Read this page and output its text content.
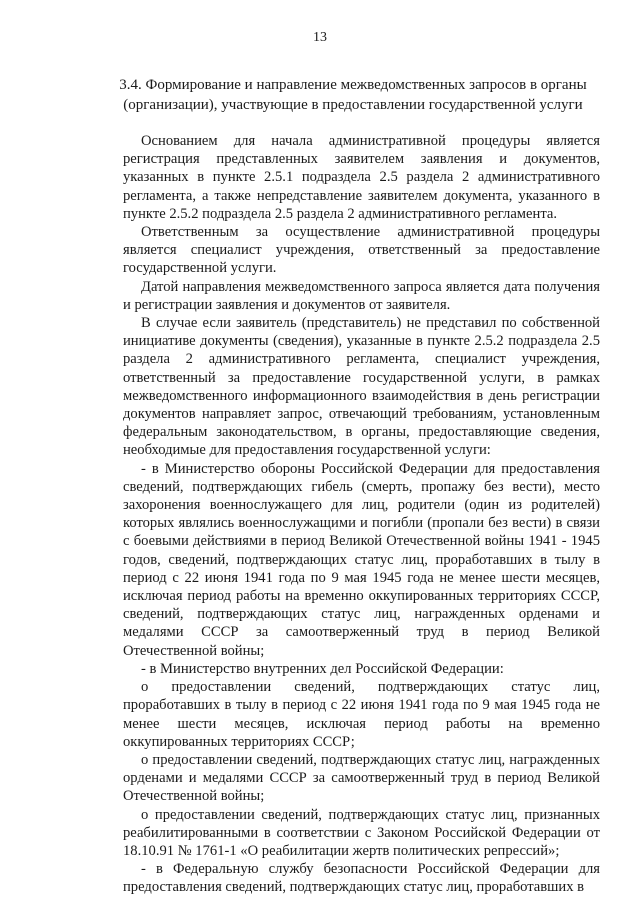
13
3.4. Формирование и направление межведомственных запросов в органы (организации), участвующие в предоставлении государственной услуги

Основанием для начала административной процедуры является регистрация представленных заявителем заявления и документов, указанных в пункте 2.5.1 подраздела 2.5 раздела 2 административного регламента, а также непредставление заявителем документа, указанного в пункте 2.5.2 подраздела 2.5 раздела 2 административного регламента.

Ответственным за осуществление административной процедуры является специалист учреждения, ответственный за предоставление государственной услуги.

Датой направления межведомственного запроса является дата получения и регистрации заявления и документов от заявителя.

В случае если заявитель (представитель) не представил по собственной инициативе документы (сведения), указанные в пункте 2.5.2 подраздела 2.5 раздела 2 административного регламента, специалист учреждения, ответственный за предоставление государственной услуги, в рамках межведомственного информационного взаимодействия в день регистрации документов направляет запрос, отвечающий требованиям, установленным федеральным законодательством, в органы, предоставляющие сведения, необходимые для предоставления государственной услуги:

- в Министерство обороны Российской Федерации для предоставления сведений, подтверждающих гибель (смерть, пропажу без вести), место захоронения военнослужащего для лиц, родители (один из родителей) которых являлись военнослужащими и погибли (пропали без вести) в связи с боевыми действиями в период Великой Отечественной войны 1941 - 1945 годов, сведений, подтверждающих статус лиц, проработавших в тылу в период с 22 июня 1941 года по 9 мая 1945 года не менее шести месяцев, исключая период работы на временно оккупированных территориях СССР, сведений, подтверждающих статус лиц, награжденных орденами и медалями СССР за самоотверженный труд в период Великой Отечественной войны;

- в Министерство внутренних дел Российской Федерации:

о предоставлении сведений, подтверждающих статус лиц, проработавших в тылу в период с 22 июня 1941 года по 9 мая 1945 года не менее шести месяцев, исключая период работы на временно оккупированных территориях СССР;

о предоставлении сведений, подтверждающих статус лиц, награжденных орденами и медалями СССР за самоотверженный труд в период Великой Отечественной войны;

о предоставлении сведений, подтверждающих статус лиц, признанных реабилитированными в соответствии с Законом Российской Федерации от 18.10.91 № 1761-1 «О реабилитации жертв политических репрессий»;

- в Федеральную службу безопасности Российской Федерации для предоставления сведений, подтверждающих статус лиц, проработавших в
